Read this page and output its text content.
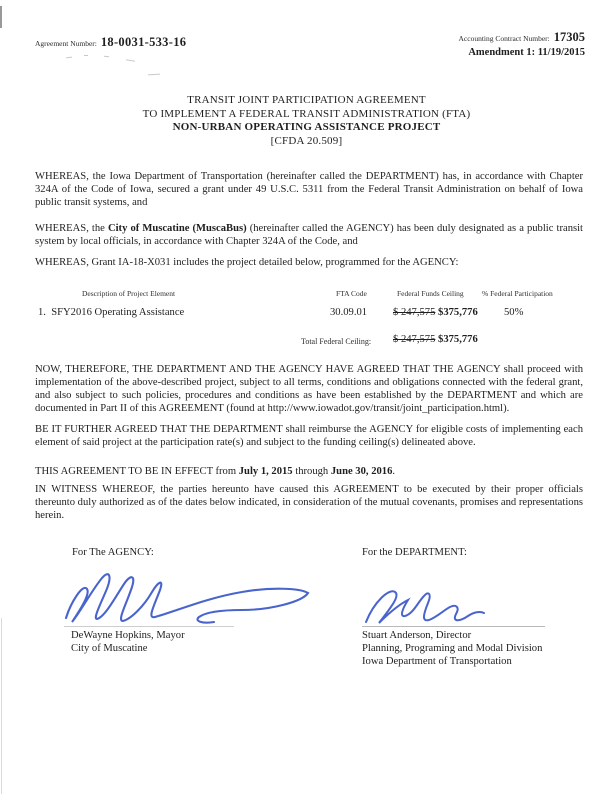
Agreement Number: 18-0031-533-16	Accounting Contract Number: 17305
Amendment 1: 11/19/2015
TRANSIT JOINT PARTICIPATION AGREEMENT
TO IMPLEMENT A FEDERAL TRANSIT ADMINISTRATION (FTA)
NON-URBAN OPERATING ASSISTANCE PROJECT
[CFDA 20.509]
WHEREAS, the Iowa Department of Transportation (hereinafter called the DEPARTMENT) has, in accordance with Chapter 324A of the Code of Iowa, secured a grant under 49 U.S.C. 5311 from the Federal Transit Administration on behalf of Iowa public transit systems, and
WHEREAS, the City of Muscatine (MuscaBus) (hereinafter called the AGENCY) has been duly designated as a public transit system by local officials, in accordance with Chapter 324A of the Code, and
WHEREAS, Grant IA-18-X031 includes the project detailed below, programmed for the AGENCY:
Description of Project Element	FTA Code	Federal Funds Ceiling % Federal Participation
1.  SFY2016 Operating Assistance	30.09.01 $ 247,575 $375,776 50%
Total Federal Ceiling: $ 247,575 $375,776
NOW, THEREFORE, THE DEPARTMENT AND THE AGENCY HAVE AGREED THAT THE AGENCY shall proceed with implementation of the above-described project, subject to all terms, conditions and obligations connected with the federal grant, and also subject to such policies, procedures and conditions as have been established by the DEPARTMENT and which are documented in Part II of this AGREEMENT (found at http://www.iowadot.gov/transit/joint_participation.html).
BE IT FURTHER AGREED THAT THE DEPARTMENT shall reimburse the AGENCY for eligible costs of implementing each element of said project at the participation rate(s) and subject to the funding ceiling(s) delineated above.
THIS AGREEMENT TO BE IN EFFECT from July 1, 2015 through June 30, 2016.
IN WITNESS WHEREOF, the parties hereunto have caused this AGREEMENT to be executed by their proper officials thereunto duly authorized as of the dates below indicated, in consideration of the mutual covenants, promises and representations herein.
For The AGENCY:	For the DEPARTMENT:
DeWayne Hopkins, Mayor
City of Muscatine
Stuart Anderson, Director
Planning, Programing and Modal Division
Iowa Department of Transportation
